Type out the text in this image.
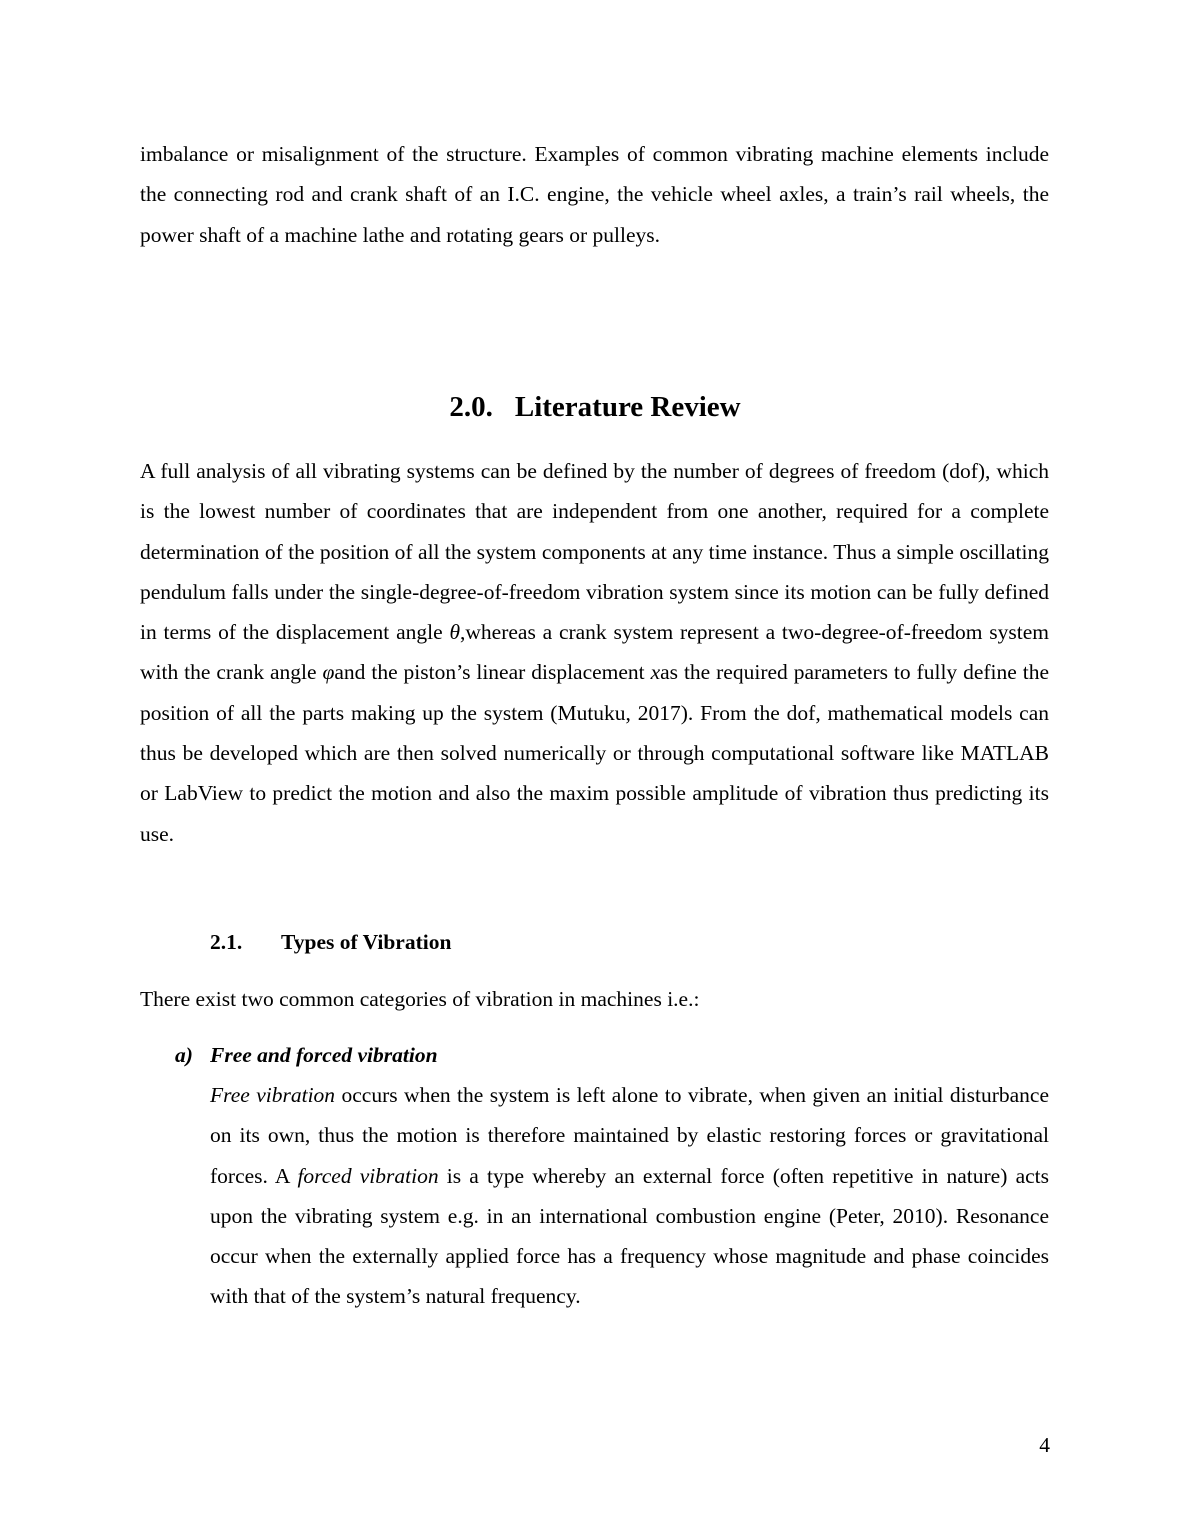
imbalance or misalignment of the structure. Examples of common vibrating machine elements include the connecting rod and crank shaft of an I.C. engine, the vehicle wheel axles, a train’s rail wheels, the power shaft of a machine lathe and rotating gears or pulleys.

2.0. Literature Review

A full analysis of all vibrating systems can be defined by the number of degrees of freedom (dof), which is the lowest number of coordinates that are independent from one another, required for a complete determination of the position of all the system components at any time instance. Thus a simple oscillating pendulum falls under the single-degree-of-freedom vibration system since its motion can be fully defined in terms of the displacement angle θ,whereas a crank system represent a two-degree-of-freedom system with the crank angle φand the piston’s linear displacement xas the required parameters to fully define the position of all the parts making up the system (Mutuku, 2017). From the dof, mathematical models can thus be developed which are then solved numerically or through computational software like MATLAB or LabView to predict the motion and also the maxim possible amplitude of vibration thus predicting its use.

2.1. Types of Vibration

There exist two common categories of vibration in machines i.e.:

a) Free and forced vibration

Free vibration occurs when the system is left alone to vibrate, when given an initial disturbance on its own, thus the motion is therefore maintained by elastic restoring forces or gravitational forces. A forced vibration is a type whereby an external force (often repetitive in nature) acts upon the vibrating system e.g. in an international combustion engine (Peter, 2010). Resonance occur when the externally applied force has a frequency whose magnitude and phase coincides with that of the system’s natural frequency.

4
